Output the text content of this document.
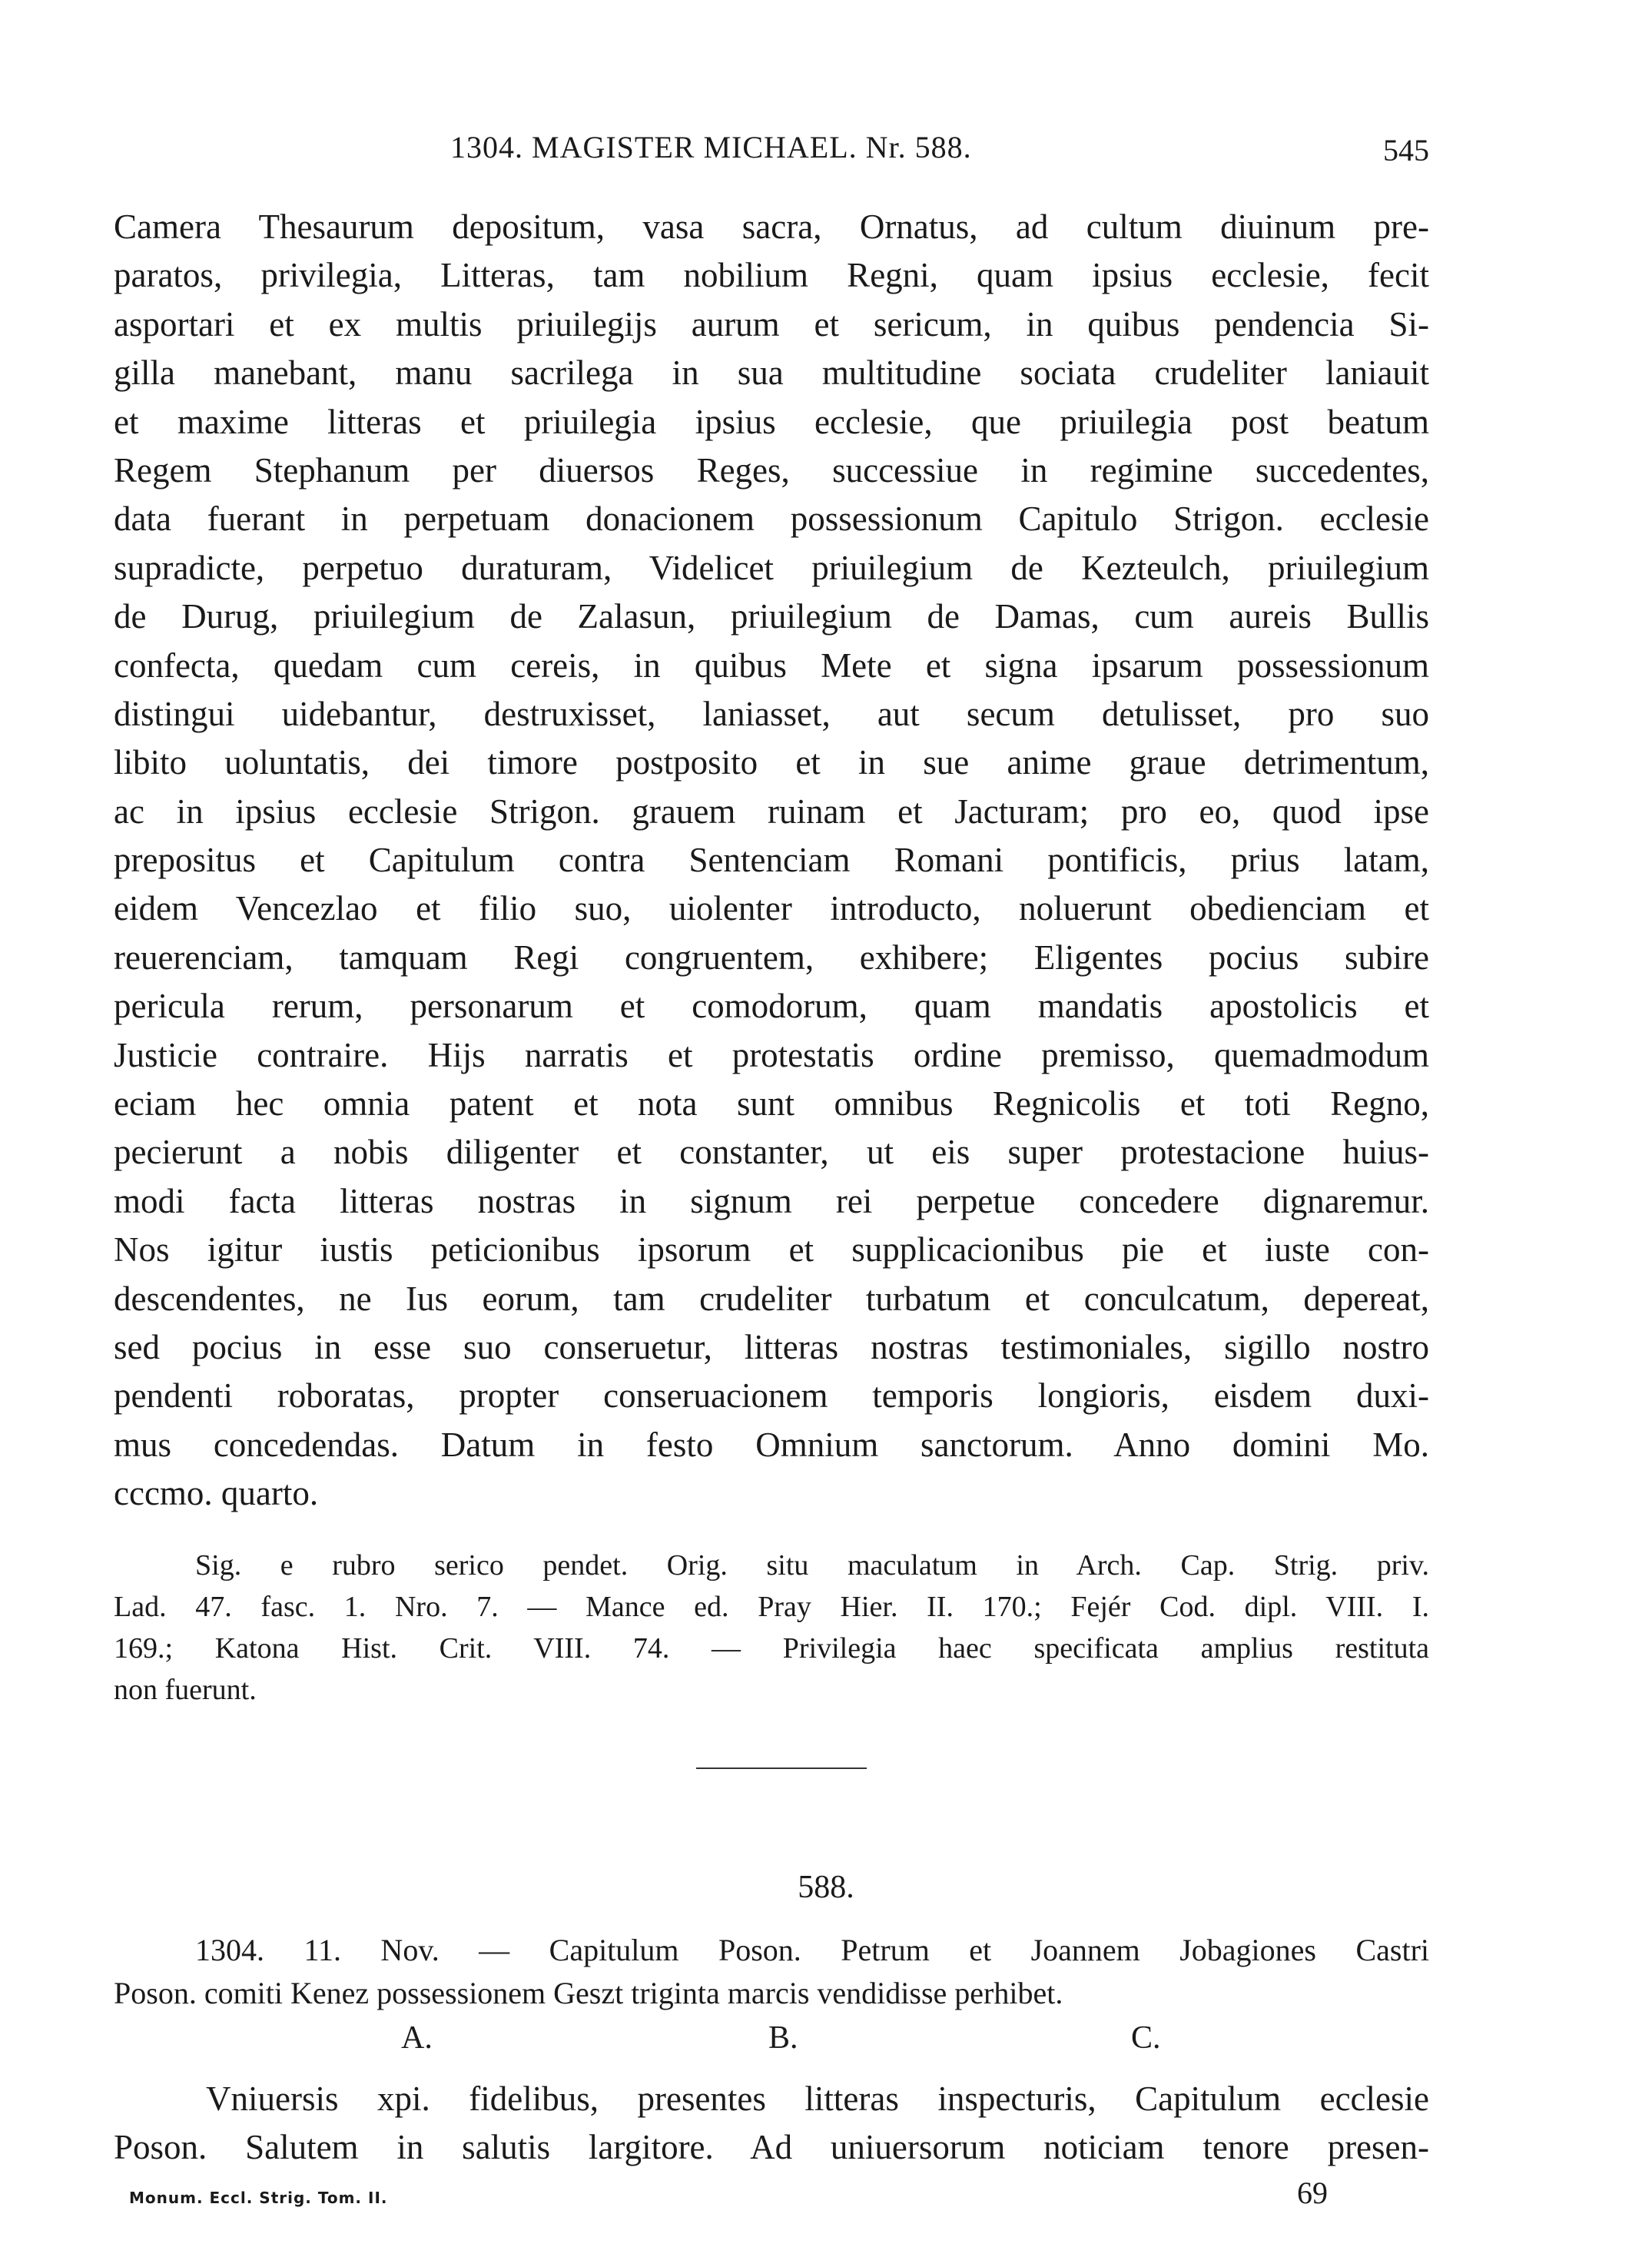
1304. MAGISTER MICHAEL. Nr. 588.	545
Camera Thesaurum depositum, vasa sacra, Ornatus, ad cultum diuinum pre-
paratos, privilegia, Litteras, tam nobilium Regni, quam ipsius ecclesie, fecit
asportari et ex multis priuilegijs aurum et sericum, in quibus pendencia Si-
gilla manebant, manu sacrilega in sua multitudine sociata crudeliter laniauit
et maxime litteras et priuilegia ipsius ecclesie, que priuilegia post beatum
Regem Stephanum per diuersos Reges, successiue in regimine succedentes,
data fuerant in perpetuam donacionem possessionum Capitulo Strigon. ecclesie
supradicte, perpetuo duraturam, Videlicet priuilegium de Kezteulch, priuilegium
de Durug, priuilegium de Zalasun, priuilegium de Damas, cum aureis Bullis
confecta, quedam cum cereis, in quibus Mete et signa ipsarum possessionum
distingui uidebantur, destruxisset, laniasset, aut secum detulisset, pro suo
libito uoluntatis, dei timore postposito et in sue anime graue detrimentum,
ac in ipsius ecclesie Strigon. grauem ruinam et Jacturam; pro eo, quod ipse
prepositus et Capitulum contra Sentenciam Romani pontificis, prius latam,
eidem Vencezlao et filio suo, uiolenter introducto, noluerunt obedienciam et
reuerenciam, tamquam Regi congruentem, exhibere; Eligentes pocius subire
pericula rerum, personarum et comodorum, quam mandatis apostolicis et
Justicie contraire. Hijs narratis et protestatis ordine premisso, quemadmodum
eciam hec omnia patent et nota sunt omnibus Regnicolis et toti Regno,
pecierunt a nobis diligenter et constanter, ut eis super protestacione huius-
modi facta litteras nostras in signum rei perpetue concedere dignaremur.
Nos igitur iustis peticionibus ipsorum et supplicacionibus pie et iuste con-
descendentes, ne Ius eorum, tam crudeliter turbatum et conculcatum, depereat,
sed pocius in esse suo conseruetur, litteras nostras testimoniales, sigillo nostro
pendenti roboratas, propter conseruacionem temporis longioris, eisdem duxi-
mus concedendas. Datum in festo Omnium sanctorum. Anno domini Mo.
cccmo. quarto.
Sig. e rubro serico pendet. Orig. situ maculatum in Arch. Cap. Strig. priv.
Lad. 47. fasc. 1. Nro. 7. — Mance ed. Pray Hier. II. 170.; Fejér Cod. dipl. VIII. I.
169.; Katona Hist. Crit. VIII. 74. — Privilegia haec specificata amplius restituta
non fuerunt.
588.
1304. 11. Nov. — Capitulum Poson. Petrum et Joannem Jobagiones Castri
Poson. comiti Kenez possessionem Geszt triginta marcis vendidisse perhibet.
A.	B.	C.
Vniuersis xpi. fidelibus, presentes litteras inspecturis, Capitulum ecclesie
Poson. Salutem in salutis largitore. Ad uniuersorum noticiam tenore presen-
Monum. Eccl. Strig. Tom. II.	69
